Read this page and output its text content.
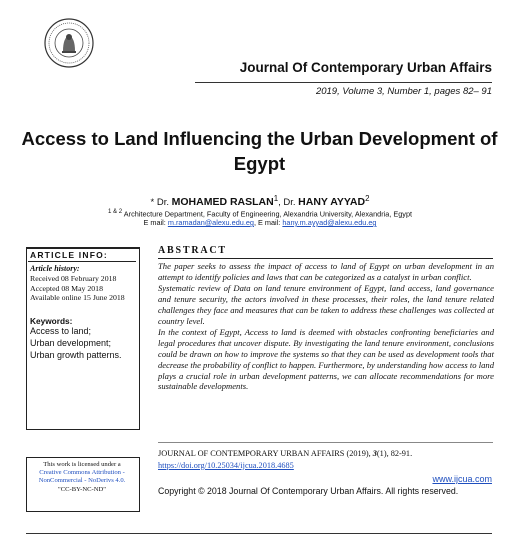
Journal Of Contemporary Urban Affairs
2019, Volume 3, Number 1, pages 82– 91
Access to Land Influencing the Urban Development of
Egypt
* Dr. MOHAMED RASLAN$^1$, Dr. HANY AYYAD$^2$
$^{1 \& 2}$ Architecture Department, Faculty of Engineering, Alexandria University, Alexandria, Egypt
E mail: m.ramadan@alexu.edu.eg, E mail: hany.m.ayyad@alexu.edu.eg
ARTICLE INFO:
Article history:
Received 08 February 2018
Accepted 08 May 2018
Available online 15 June 2018
Keywords:
Access to land;
Urban development;
Urban growth patterns.
ABSTRACT

The paper seeks to assess the impact of access to land of Egypt on urban development in an attempt to identify policies and laws that can be categorized as a catalyst in urban conflict.

Systematic review of Data on land tenure environment of Egypt, land access, land governance and tenure security, the actors involved in these processes, their roles, the land tenure related challenges they face and measures that can be taken to address these challenges was collected at country level.

In the context of Egypt, Access to land is deemed with obstacles confronting beneficiaries and legal procedures that uncover dispute. By investigating the land tenure environment, conclusions could be drawn on how to improve the systems so that they can be used as development tools that decrease the probability of conflict to happen. Furthermore, by understanding how access to land plays a crucial role in urban development patterns, we can allocate recommendations for more sustainable developments.

JOURNAL OF CONTEMPORARY URBAN AFFAIRS (2019), 3(1), 82-91.
https://doi.org/10.25034/ijcua.2018.4685
www.ijcua.com
Copyright © 2018 Journal Of Contemporary Urban Affairs. All rights reserved.
This work is licensed under a
Creative Commons Attribution -
NonCommercial - NoDerivs 4.0.
"CC-BY-NC-ND"
